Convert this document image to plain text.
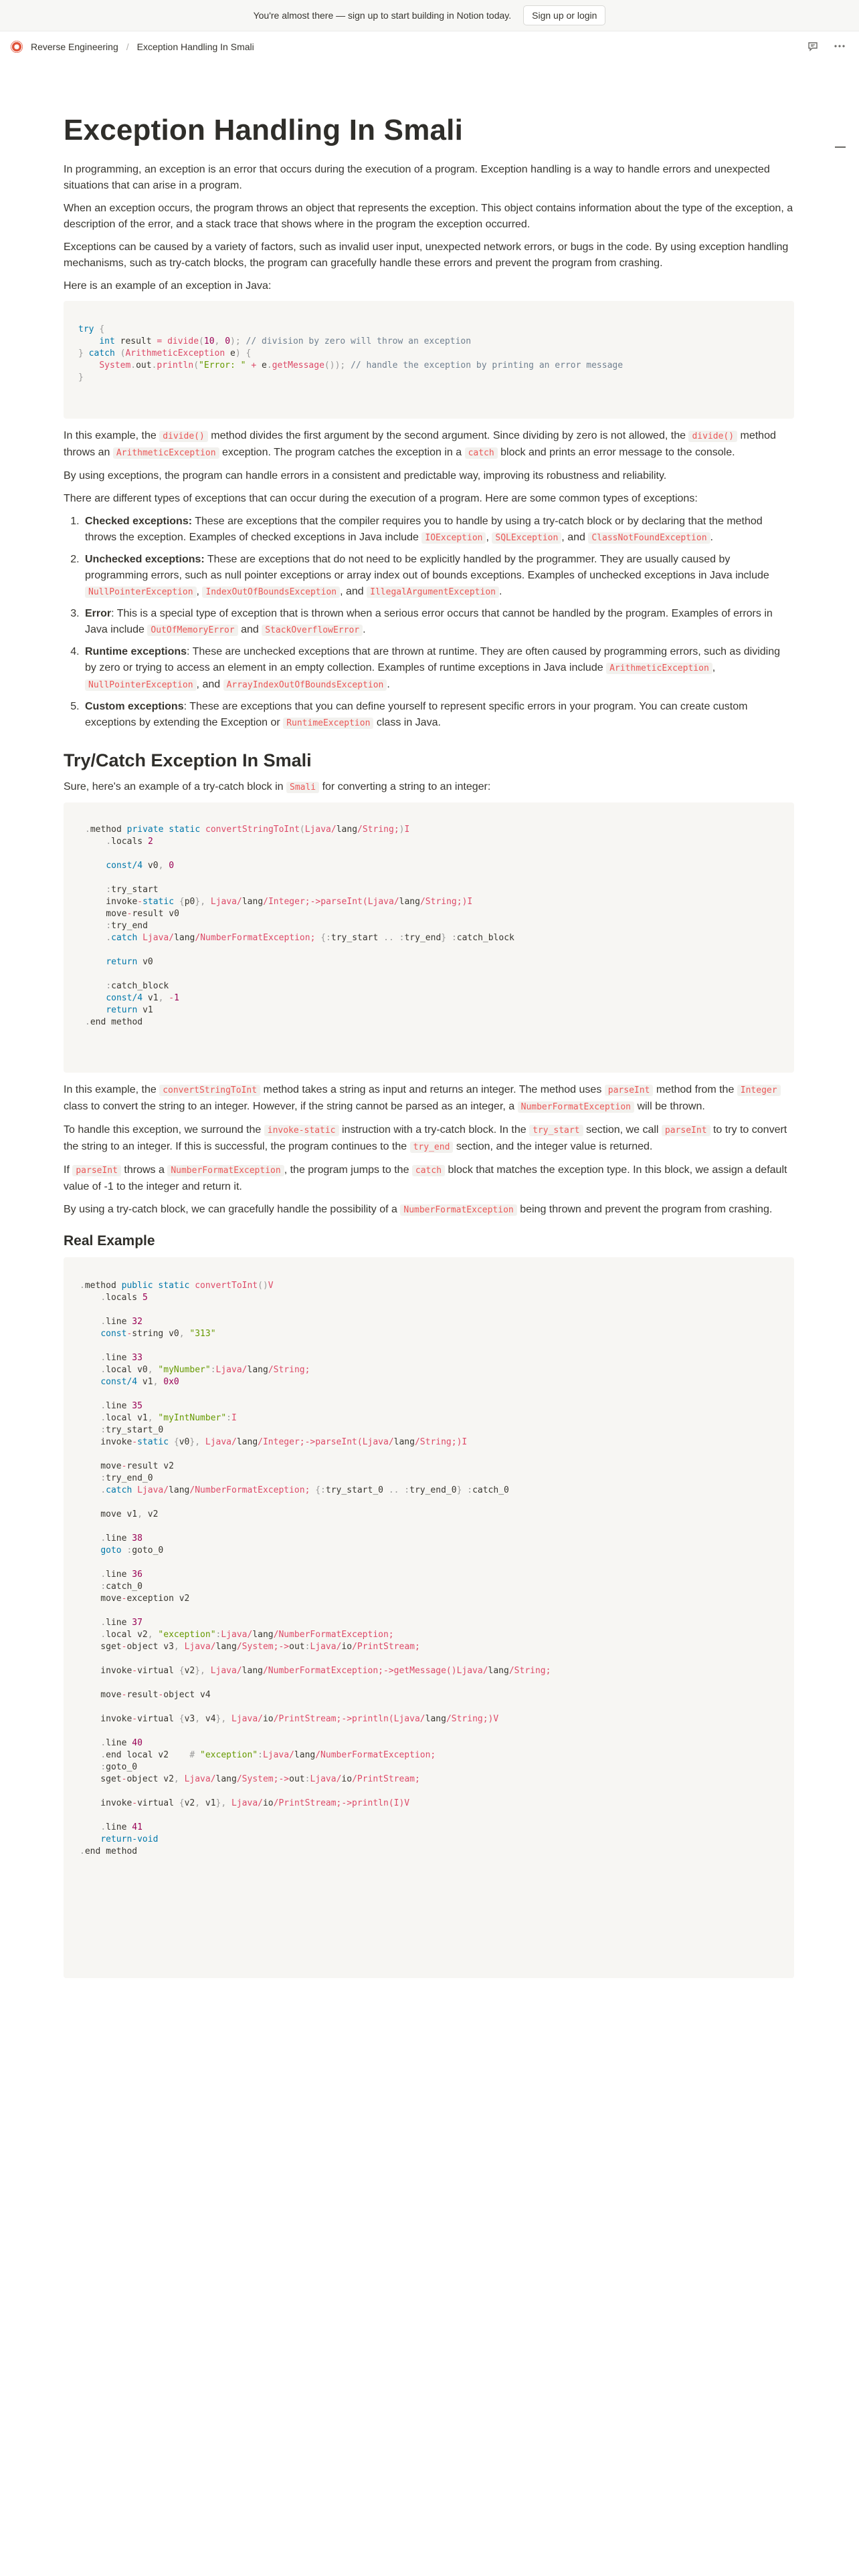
You're almost there — sign up to start building in Notion today.	Sign up or login
Reverse Engineering / Exception Handling In Smali
Exception Handling In Smali

In programming, an exception is an error that occurs during the execution of a program. Exception handling is a way to handle errors and unexpected situations that can arise in a program.

When an exception occurs, the program throws an object that represents the exception. This object contains information about the type of the exception, a description of the error, and a stack trace that shows where in the program the exception occurred.

Exceptions can be caused by a variety of factors, such as invalid user input, unexpected network errors, or bugs in the code. By using exception handling mechanisms, such as try-catch blocks, the program can gracefully handle these errors and prevent the program from crashing.

Here is an example of an exception in Java:

try {
int result = divide(10, 0); // division by zero will throw an exception
} catch (ArithmeticException e) {
System.out.println("Error: " + e.getMessage()); // handle the exception by printing an error message
}

In this example, the divide() method divides the first argument by the second argument. Since dividing by zero is not allowed, the divide() method throws an ArithmeticException exception. The program catches the exception in a catch block and prints an error message to the console.

By using exceptions, the program can handle errors in a consistent and predictable way, improving its robustness and reliability.

There are different types of exceptions that can occur during the execution of a program. Here are some common types of exceptions:

1. Checked exceptions: These are exceptions that the compiler requires you to handle by using a try-catch block or by declaring that the method throws the exception. Examples of checked exceptions in Java include IOException , SQLException , and ClassNotFoundException .
2. Unchecked exceptions: These are exceptions that do not need to be explicitly handled by the programmer. They are usually caused by programming errors, such as null pointer exceptions or array index out of bounds exceptions. Examples of unchecked exceptions in Java include NullPointerException , IndexOutOfBoundsException , and IllegalArgumentException .
3. Error: This is a special type of exception that is thrown when a serious error occurs that cannot be handled by the program. Examples of errors in Java include OutOfMemoryError and StackOverflowError .
4. Runtime exceptions: These are unchecked exceptions that are thrown at runtime. They are often caused by programming errors, such as dividing by zero or trying to access an element in an empty collection. Examples of runtime exceptions in Java include ArithmeticException , NullPointerException , and ArrayIndexOutOfBoundsException .
5. Custom exceptions: These are exceptions that you can define yourself to represent specific errors in your program. You can create custom exceptions by extending the Exception or RuntimeException class in Java.
Try/Catch Exception In Smali

Sure, here's an example of a try-catch block in Smali for converting a string to an integer:

.method private static convertStringToInt(Ljava/lang/String;)I
.locals 2

const/4 v0, 0

:try_start
invoke-static {p0}, Ljava/lang/Integer;->parseInt(Ljava/lang/String;)I
move-result v0
:try_end
.catch Ljava/lang/NumberFormatException; {:try_start .. :try_end} :catch_block

return v0

:catch_block
const/4 v1, -1
return v1
.end method

In this example, the convertStringToInt method takes a string as input and returns an integer. The method uses parseInt method from the Integer class to convert the string to an integer. However, if the string cannot be parsed as an integer, a NumberFormatException will be thrown.

To handle this exception, we surround the invoke-static instruction with a try-catch block. In the try_start section, we call parseInt to try to convert the string to an integer. If this is successful, the program continues to the try_end section, and the integer value is returned.

If parseInt throws a NumberFormatException , the program jumps to the catch block that matches the exception type. In this block, we assign a default value of -1 to the integer and return it.

By using a try-catch block, we can gracefully handle the possibility of a NumberFormatException being thrown and prevent the program from crashing.

Real Example
.method public static convertToInt()V
.locals 5

.line 32
const-string v0, "313"

.line 33
.local v0, "myNumber":Ljava/lang/String;
const/4 v1, 0x0

.line 35
.local v1, "myIntNumber":I
:try_start_0
invoke-static {v0}, Ljava/lang/Integer;->parseInt(Ljava/lang/String;)I

move-result v2
:try_end_0
.catch Ljava/lang/NumberFormatException; {:try_start_0 .. :try_end_0} :catch_0

move v1, v2

.line 38
goto :goto_0

.line 36
:catch_0
move-exception v2

.line 37
.local v2, "exception":Ljava/lang/NumberFormatException;
sget-object v3, Ljava/lang/System;->out:Ljava/io/PrintStream;

invoke-virtual {v2}, Ljava/lang/NumberFormatException;->getMessage()Ljava/lang/String;

move-result-object v4

invoke-virtual {v3, v4}, Ljava/io/PrintStream;->println(Ljava/lang/String;)V

.line 40
.end local v2    # "exception":Ljava/lang/NumberFormatException;
:goto_0
sget-object v2, Ljava/lang/System;->out:Ljava/io/PrintStream;

invoke-virtual {v2, v1}, Ljava/io/PrintStream;->println(I)V

.line 41
return-void
.end method
